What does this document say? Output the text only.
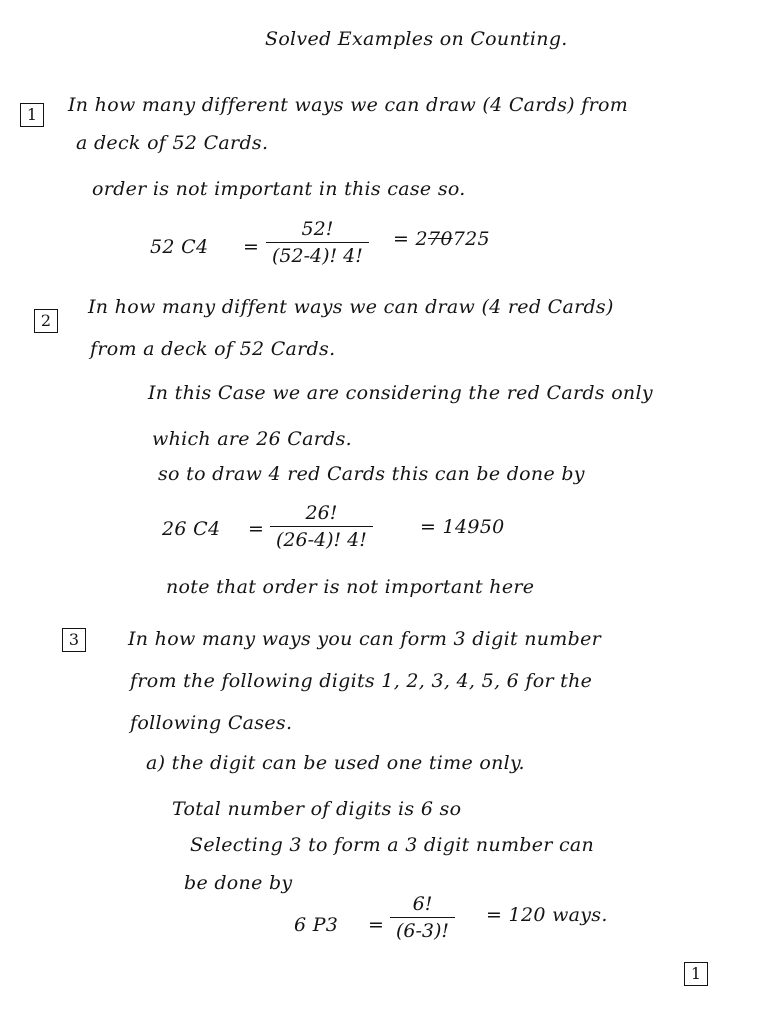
Solved Examples on Counting.
1	In how many different ways we can draw (4 Cards) from
a deck of 52 Cards.
order is not important in this case so.
52 $C4 = \frac{52!}{(52-4)! 4!} = 270725$
2
In how many diffent ways we can draw (4 red Cards)
from a deck of 52 Cards.
In this Case we are considering the red Cards only
which are 26 Cards.
so to draw 4 red Cards this can be done by
26 $C4 = \frac{26!}{(26-4)! 4!} = 14950$
note that order is not important here
3	In how many ways you can form 3 digit number
from the following digits 1, 2, 3, 4, 5, 6 for the
following Cases.
a) the digit can be used one time only.
Total number of digits is 6 so
Selecting 3 to form a 3 digit number can
be done by
6 $P3 = \frac{6!}{(6-3)!} = 120$ ways.
1
